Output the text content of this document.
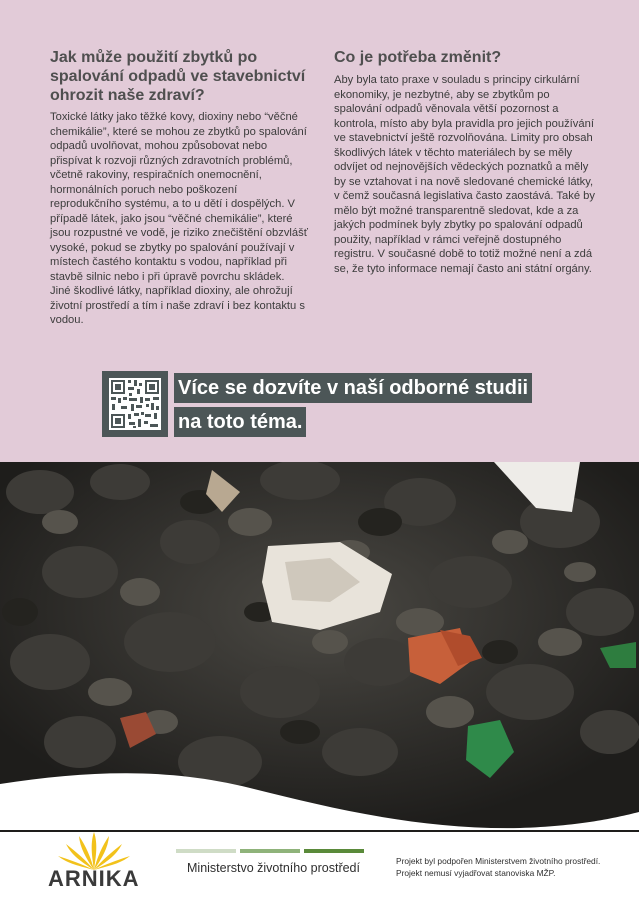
Jak může použití zbytků po spalování odpadů ve stavebnictví ohrozit naše zdraví?

Toxické látky jako těžké kovy, dioxiny nebo “věčné chemikálie”, které se mohou ze zbytků po spalování odpadů uvolňovat, mohou způsobovat nebo přispívat k rozvoji různých zdravotních problémů, včetně rakoviny, respiračních onemocnění, hormonálních poruch nebo poškození reprodukčního systému, a to u dětí i dospělých. V případě látek, jako jsou “věčné chemikálie”, které jsou rozpustné ve vodě, je riziko znečištění obzvlášť vysoké, pokud se zbytky po spalování používají v místech častého kontaktu s vodou, například při stavbě silnic nebo i při úpravě povrchu skládek. Jiné škodlivé látky, například dioxiny, ale ohrožují životní prostředí a tím i naše zdraví i bez kontaktu s vodou.

Co je potřeba změnit?

Aby byla tato praxe v souladu s principy cirkulární ekonomiky, je nezbytné, aby se zbytkům po spalování odpadů věnovala větší pozornost a kontrola, místo aby byla pravidla pro jejich používání ve stavebnictví ještě rozvolňována. Limity pro obsah škodlivých látek v těchto materiálech by se měly odvíjet od nejnovějších vědeckých poznatků a měly by se vztahovat i na nově sledované chemické látky, v čemž současná legislativa často zaostává. Také by mělo být možné transparentně sledovat, kde a za jakých podmínek byly zbytky po spalování odpadů použity, například v rámci veřejně dostupného registru. V současné době to totiž možné není a zdá se, že tyto informace nemají často ani státní orgány.

Více se dozvíte v naší odborné studii
na toto téma.
ARNIKA	Ministerstvo životního prostředí	Projekt byl podpořen Ministerstvem životního prostředí.
Projekt nemusí vyjadřovat stanoviska MŽP.
